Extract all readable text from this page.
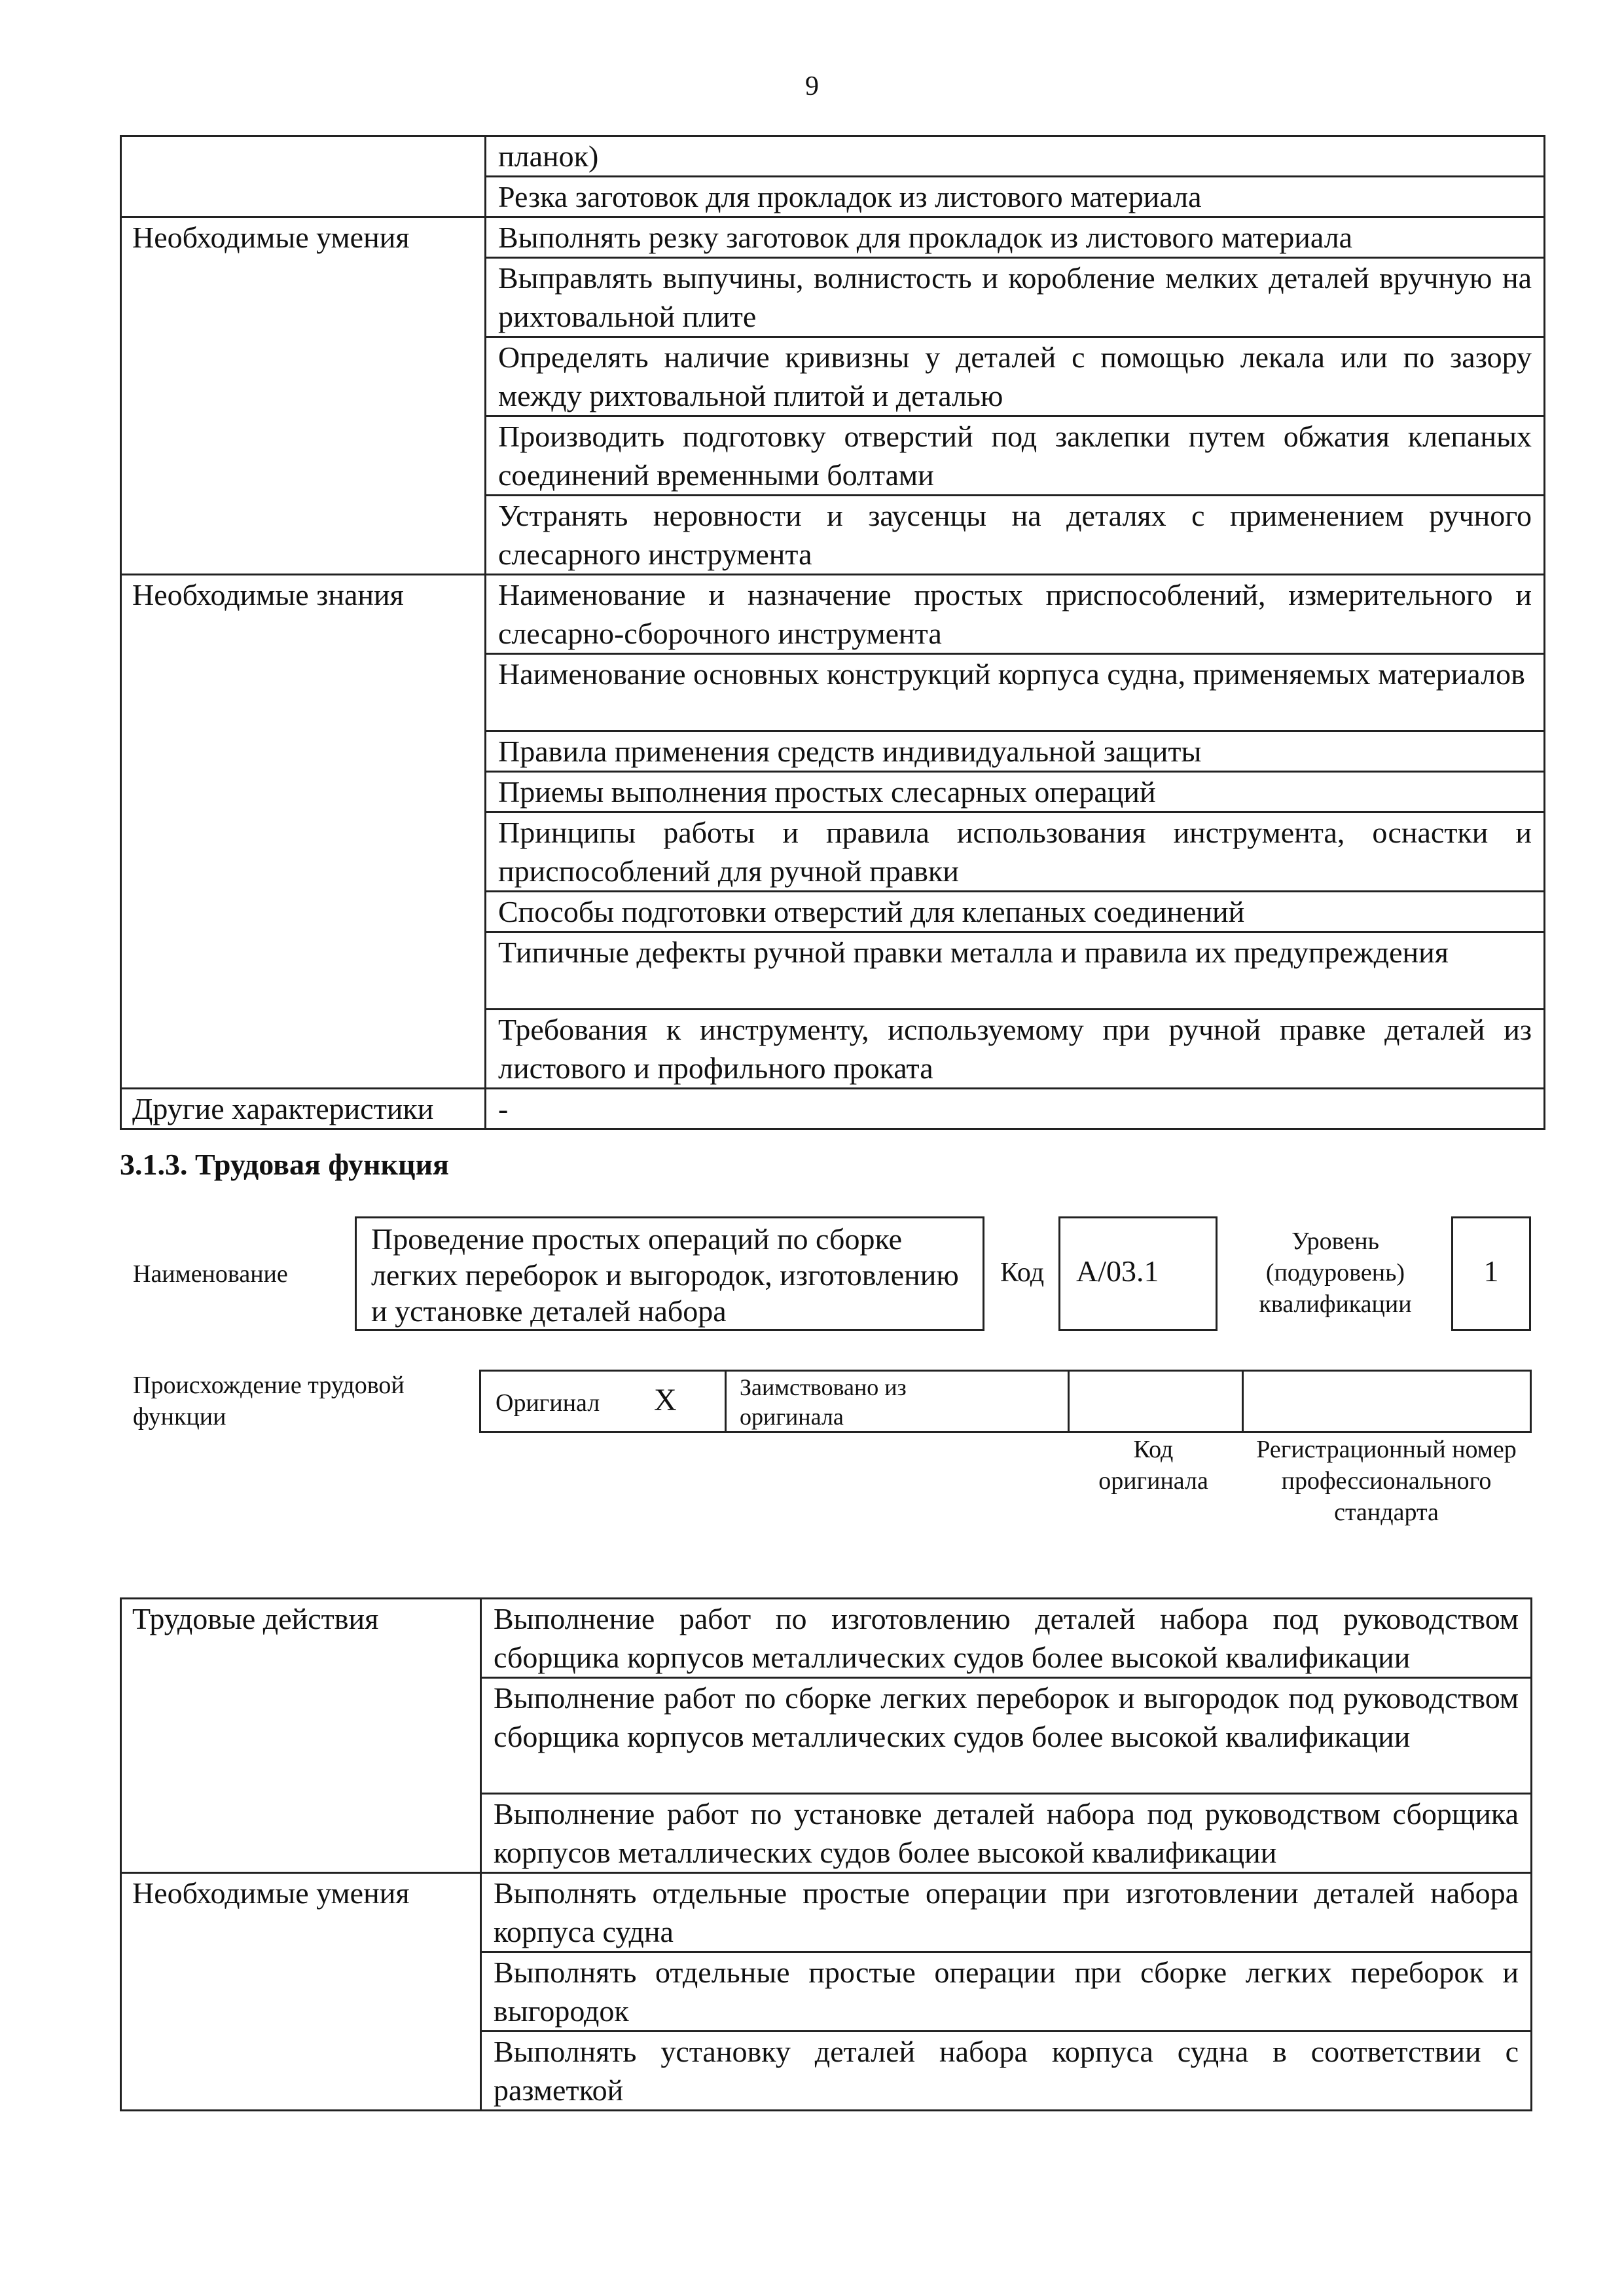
9
	планок)
	Резка заготовок для прокладок из листового материала
Необходимые умения	Выполнять резку заготовок для прокладок из листового материала
	Выправлять выпучины, волнистость и коробление мелких деталей вручную на рихтовальной плите
	Определять наличие кривизны у деталей с помощью лекала или по зазору между рихтовальной плитой и деталью
	Производить подготовку отверстий под заклепки путем обжатия клепаных соединений временными болтами
	Устранять неровности и заусенцы на деталях с применением ручного слесарного инструмента
Необходимые знания	Наименование и назначение простых приспособлений, измерительного и слесарно-сборочного инструмента
	Наименование основных конструкций корпуса судна, применяемых материалов
	Правила применения средств индивидуальной защиты
	Приемы выполнения простых слесарных операций
	Принципы работы и правила использования инструмента, оснастки и приспособлений для ручной правки
	Способы подготовки отверстий для клепаных соединений
	Типичные дефекты ручной правки металла и правила их предупреждения
	Требования к инструменту, используемому при ручной правке деталей из листового и профильного проката
Другие характеристики	-
3.1.3. Трудовая функция
Наименование
Проведение простых операций по сборке легких переборок и выгородок, изготовлению и установке деталей набора
Код	А/03.1
Уровень (подуровень) квалификации
1
Происхождение трудовой функции	Оригинал X	Заимствовано из оригинала
Код оригинала
Регистрационный номер профессионального стандарта
Трудовые действия	Выполнение работ по изготовлению деталей набора под руководством сборщика корпусов металлических судов более высокой квалификации
	Выполнение работ по сборке легких переборок и выгородок под руководством сборщика корпусов металлических судов более высокой квалификации
	Выполнение работ по установке деталей набора под руководством сборщика корпусов металлических судов более высокой квалификации
Необходимые умения	Выполнять отдельные простые операции при изготовлении деталей набора корпуса судна
	Выполнять отдельные простые операции при сборке легких переборок и выгородок
	Выполнять установку деталей набора корпуса судна в соответствии с разметкой
